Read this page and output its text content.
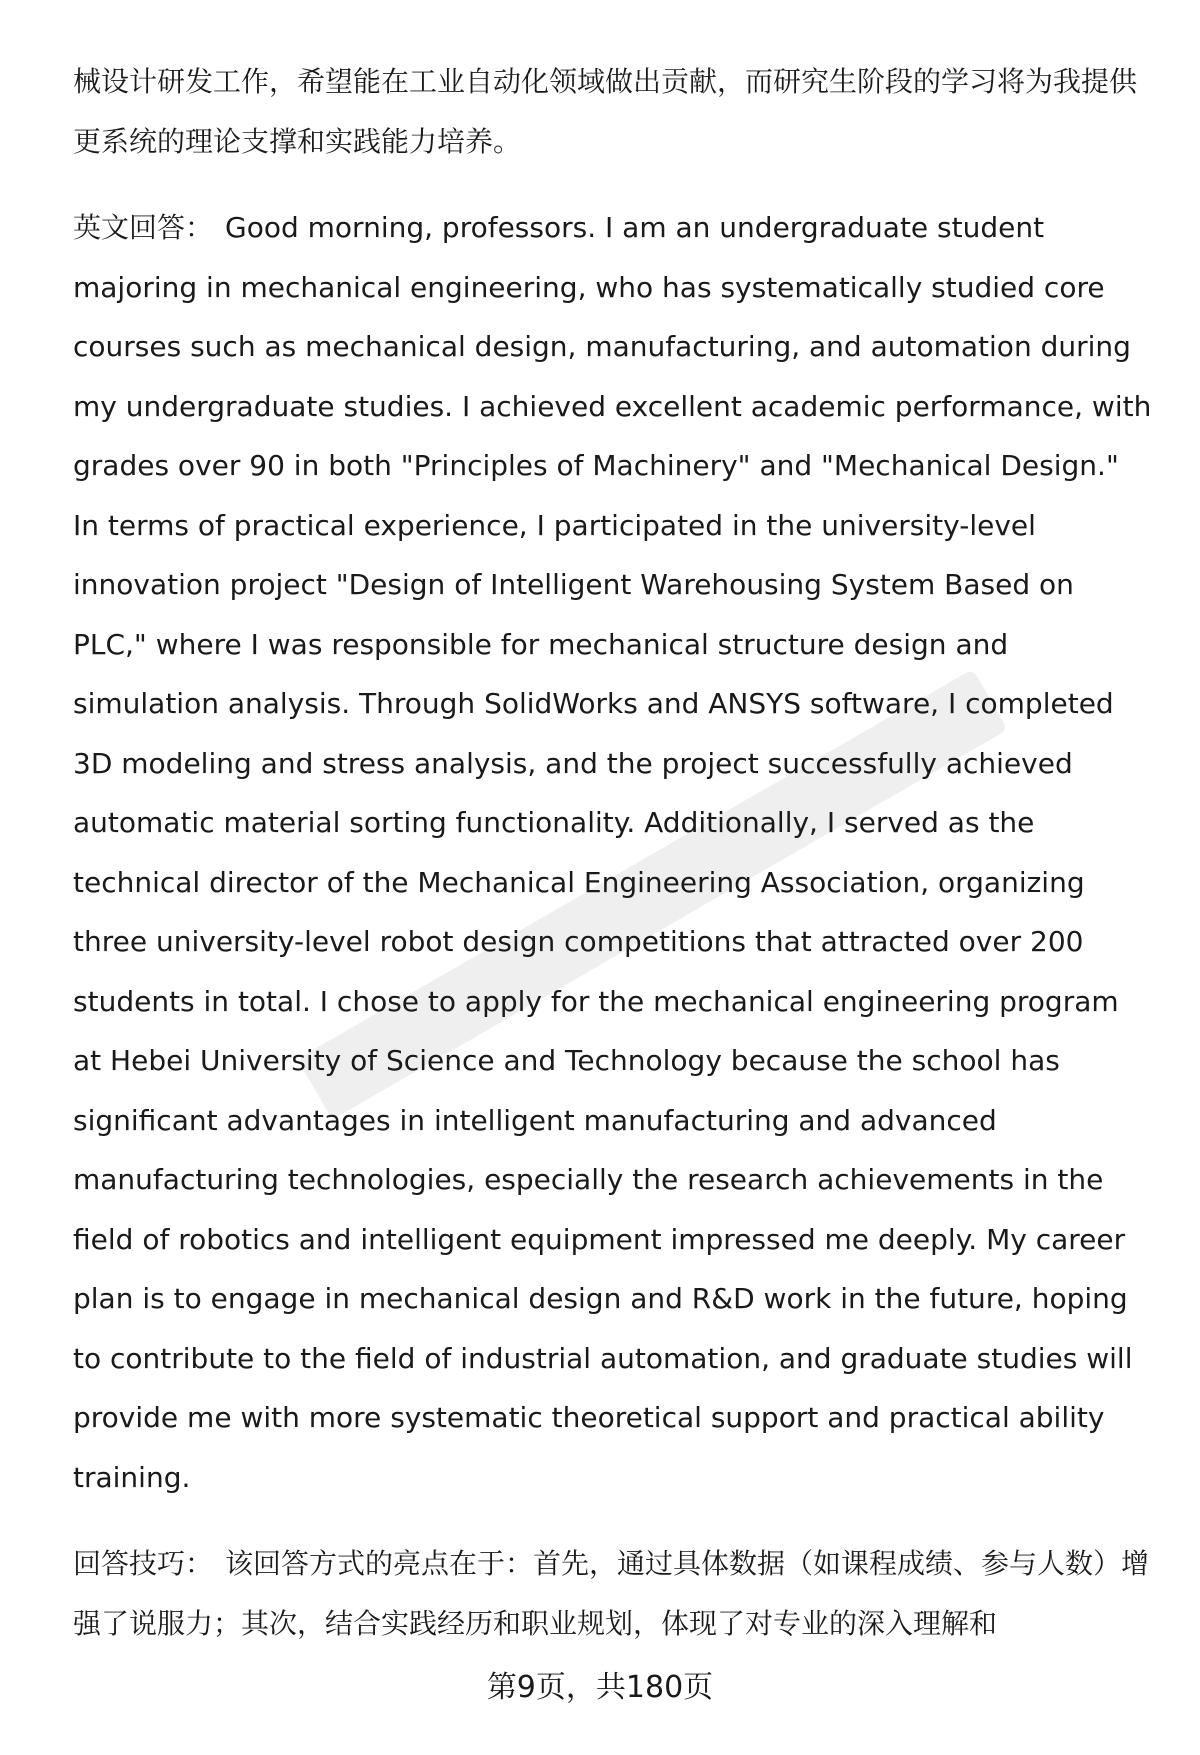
械设计研发工作，希望能在工业自动化领域做出贡献，而研究生阶段的学习将为我提供更系统的理论支撑和实践能力培养。

英文回答： Good morning, professors. I am an undergraduate student majoring in mechanical engineering, who has systematically studied core courses such as mechanical design, manufacturing, and automation during my undergraduate studies. I achieved excellent academic performance, with grades over 90 in both "Principles of Machinery" and "Mechanical Design." In terms of practical experience, I participated in the university-level innovation project "Design of Intelligent Warehousing System Based on PLC," where I was responsible for mechanical structure design and simulation analysis. Through SolidWorks and ANSYS software, I completed 3D modeling and stress analysis, and the project successfully achieved automatic material sorting functionality. Additionally, I served as the technical director of the Mechanical Engineering Association, organizing three university-level robot design competitions that attracted over 200 students in total. I chose to apply for the mechanical engineering program at Hebei University of Science and Technology because the school has significant advantages in intelligent manufacturing and advanced manufacturing technologies, especially the research achievements in the field of robotics and intelligent equipment impressed me deeply. My career plan is to engage in mechanical design and R&D work in the future, hoping to contribute to the field of industrial automation, and graduate studies will provide me with more systematic theoretical support and practical ability training.

回答技巧： 该回答方式的亮点在于：首先，通过具体数据（如课程成绩、参与人数）增强了说服力；其次，结合实践经历和职业规划，体现了对专业的深入理解和

第9页，共180页
